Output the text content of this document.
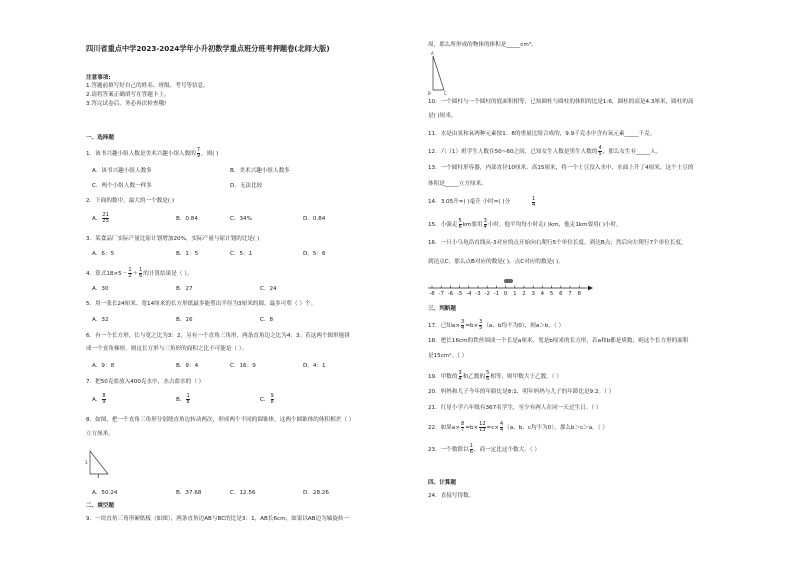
四川省重点中学2023-2024学年小升初数学重点班分班考押题卷(北师大版)
注意事项:
1.答题前填写好自己的姓名、班级、考号等信息。
2.请将答案正确填写在答题卡上。
3.答完试卷后，务必再次检查哦!
一、选择题
1．该书兴趣小组人数是美术兴趣小组人数的 $\frac{7}{9}$ ，则( )
A．该书兴趣小组人数多	B．美术兴趣小组人数多
C．两个小组人数一样多	D．无法比较
2．下面的数中，最大的一个数是( )
A． $\frac{21}{25}$	B．0.84	C．34%	D．0.84
3．某食品厂实际产量比原计划增加20%，实际产量与原计划的比是( )
A．6：5	B．1：5	C．5：1	D．5：6
4．算式$18\times 5- \frac{1}{2} + \frac{1}{6}$ 的计算结果是（ ）。
A．30	B．27	C．24
5．用一张长24厘米、宽14厘米的长方形纸最多能剪出半径为3厘米的圆，最多可剪（ ）个。
A．32	B．16	C．8
6．有一个长方形，长与宽之比为3：2，另有一个直角三角形，两条直角边之比为4：3。若这两个图形能拼
成一个直角梯形，则这长方形与三角形的面积之比不可能是（ ）。
A．9：8	B．9：4	C．16：9	D．4：1
7．把50克盐放入400克水中，水占盐水的（ ）
A． $\frac{8}{9}$	B． $\frac{1}{8}$	C． $\frac{9}{8}$
8．如图，把一个直角三角形分别绕直角边转动两次，形成两个不同的圆锥体，这两个圆锥体的体积相差（ ）
立方厘米。
3
4
A．50.24	B．37.68	C．12.56	D．28.26
二、填空题
9．一块直角三角形硬纸板（如图），两条直角边AB与BC的比是3：1，AB长6cm，如果以AB边为轴旋转一
周，那么所形成的物体的体积是_____cm³。
A
B	C
10．一个圆柱与一个圆柱的底面积相等，已知圆柱与圆柱的体积的比是1:6，圆柱的高是4.3厘米，圆柱的高
是( )厘米。
11．水是由氢和氧两种元素按1：8的重量比组合成的，9.9千克水中含有氧元素_____千克。
12．六（1）班学生人数在50~60之间，已知女生人数是男生人数的 $\frac{4}{5}$ ，那么女生有_____人。
13．一个圆柱形容器，内部直径10厘米，高15厘米，将一个土豆没入水中，水面上升了4厘米，这个土豆的
体积是_____立方厘米。
14．3.05升=( )毫升 小时=( )分	$\frac{1}{4}$
15．小强走 $\frac{5}{6}$ km要用 $\frac{3}{4}$ 小时，他平均每小时走( )km，他走1km要用( )小时。
16．一只小乌龟沿直线从-3对应的点开始向右爬行5个单位长度，到达B点；然后向左爬行7个单位长度，
到达点C。那么点B对应的数是( )，点C对应的数是( )。
-8 -7 -6 -5 -4 -3 -2 -1 0 1 2 3 4 5 6 7 8
三、判断题
17．已知$a\times \frac{3}{4} =b\times \frac{3}{5} (a$、b均不为0），则a＞b。（ ）
18．把长16cm的铁丝围成一个长是a厘米，宽是b厘米的长方形，若a和b都是质数，则这个长方形的面积
是15cm²。（ ）
19．甲数的 $\frac{3}{4}$ 和乙数的 $\frac{5}{6}$ 相等，则甲数大于乙数。（ ）
20．妈妈和儿子今年的年龄比是8:1，明年妈妈与儿子的年龄比是9:2。（ ）
21．红星小学六年级有367名学生，至少有两人在同一天过生日。（ ）
22．如果$a\times \frac{8}{7} =b\times \frac{12}{13} =c\times \frac{4}{4} (a$、b、c均不为0），那么b＞c＞a。（ ）
23．一个数除以 $\frac{1}{6}$ ，商一定比这个数大。（ ）
四、计算题
24．直接写得数。
